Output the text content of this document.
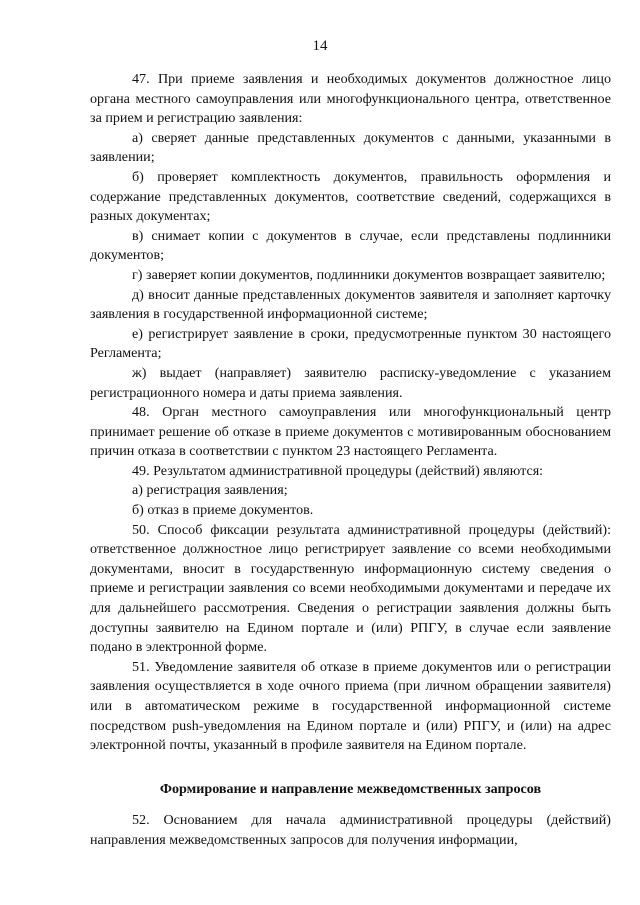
14

47. При приеме заявления и необходимых документов должностное лицо органа местного самоуправления или многофункционального центра, ответственное за прием и регистрацию заявления:

а) сверяет данные представленных документов с данными, указанными в заявлении;

б) проверяет комплектность документов, правильность оформления и содержание представленных документов, соответствие сведений, содержащихся в разных документах;

в) снимает копии с документов в случае, если представлены подлинники документов;

г) заверяет копии документов, подлинники документов возвращает заявителю;

д) вносит данные представленных документов заявителя и заполняет карточку заявления в государственной информационной системе;

е) регистрирует заявление в сроки, предусмотренные пунктом 30 настоящего Регламента;

ж) выдает (направляет) заявителю расписку-уведомление с указанием регистрационного номера и даты приема заявления.

48. Орган местного самоуправления или многофункциональный центр принимает решение об отказе в приеме документов с мотивированным обоснованием причин отказа в соответствии с пунктом 23 настоящего Регламента.

49. Результатом административной процедуры (действий) являются:

а) регистрация заявления;

б) отказ в приеме документов.

50. Способ фиксации результата административной процедуры (действий): ответственное должностное лицо регистрирует заявление со всеми необходимыми документами, вносит в государственную информационную систему сведения о приеме и регистрации заявления со всеми необходимыми документами и передаче их для дальнейшего рассмотрения. Сведения о регистрации заявления должны быть доступны заявителю на Едином портале и (или) РПГУ, в случае если заявление подано в электронной форме.

51. Уведомление заявителя об отказе в приеме документов или о регистрации заявления осуществляется в ходе очного приема (при личном обращении заявителя) или в автоматическом режиме в государственной информационной системе посредством push-уведомления на Едином портале и (или) РПГУ, и (или) на адрес электронной почты, указанный в профиле заявителя на Едином портале.

Формирование и направление межведомственных запросов

52. Основанием для начала административной процедуры (действий) направления межведомственных запросов для получения информации,
